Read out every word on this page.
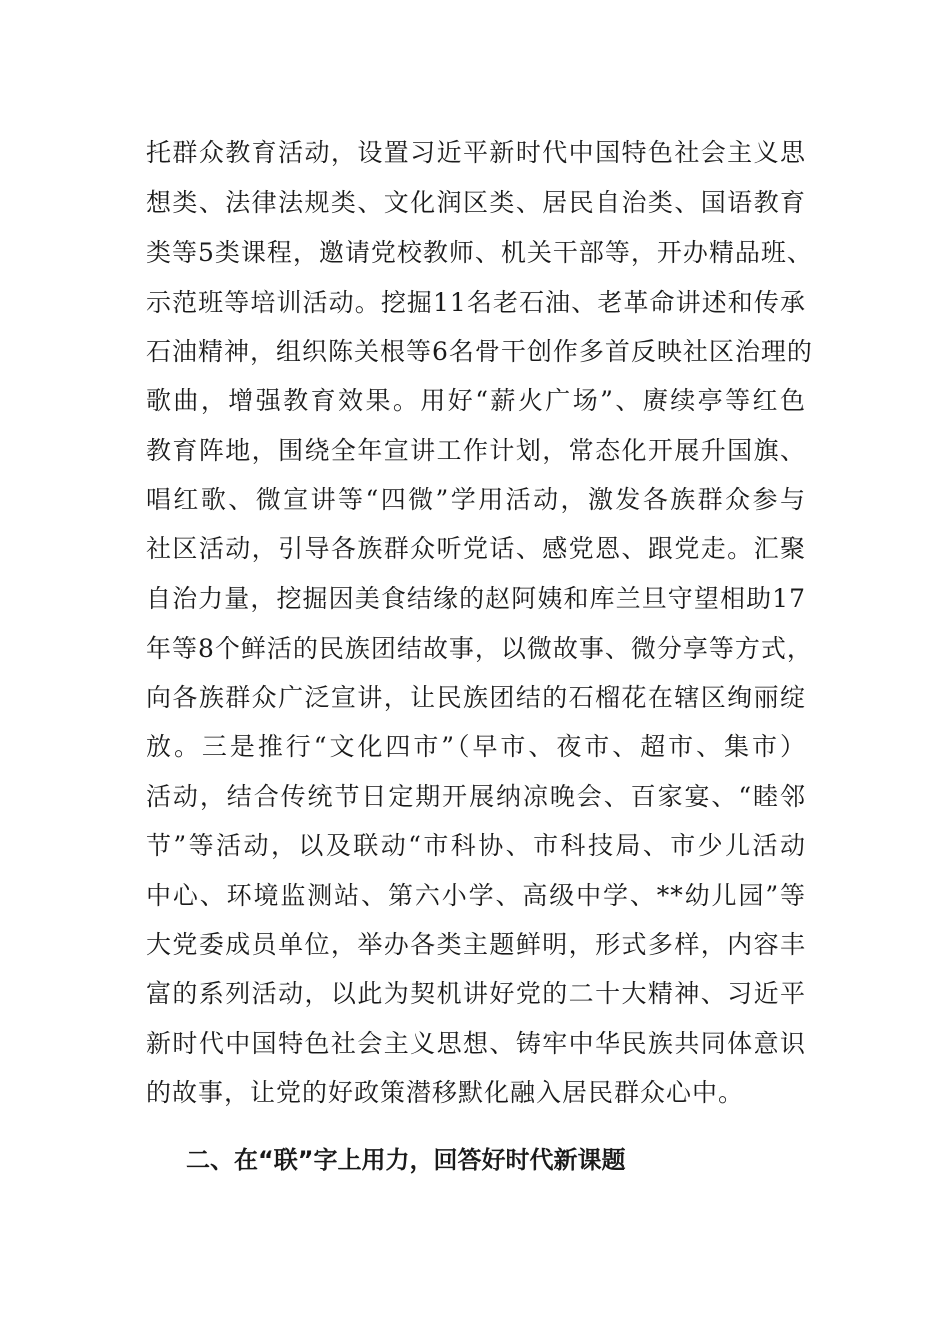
托群众教育活动，设置习近平新时代中国特色社会主义思
想类、法律法规类、文化润区类、居民自治类、国语教育
类等5类课程，邀请党校教师、机关干部等，开办精品班、
示范班等培训活动。挖掘11名老石油、老革命讲述和传承
石油精神，组织陈关根等6名骨干创作多首反映社区治理的
歌曲，增强教育效果。用好“薪火广场”、赓续亭等红色
教育阵地，围绕全年宣讲工作计划，常态化开展升国旗、
唱红歌、微宣讲等“四微”学用活动，激发各族群众参与
社区活动，引导各族群众听党话、感党恩、跟党走。汇聚
自治力量，挖掘因美食结缘的赵阿姨和库兰旦守望相助17
年等8个鲜活的民族团结故事，以微故事、微分享等方式，
向各族群众广泛宣讲，让民族团结的石榴花在辖区绚丽绽
放。三是推行“文化四市”（早市、夜市、超市、集市）
活动，结合传统节日定期开展纳凉晚会、百家宴、“睦邻
节”等活动，以及联动“市科协、市科技局、市少儿活动
中心、环境监测站、第六小学、高级中学、**幼儿园”等
大党委成员单位，举办各类主题鲜明，形式多样，内容丰
富的系列活动，以此为契机讲好党的二十大精神、习近平
新时代中国特色社会主义思想、铸牢中华民族共同体意识
的故事，让党的好政策潜移默化融入居民群众心中。
二、在“联”字上用力，回答好时代新课题
